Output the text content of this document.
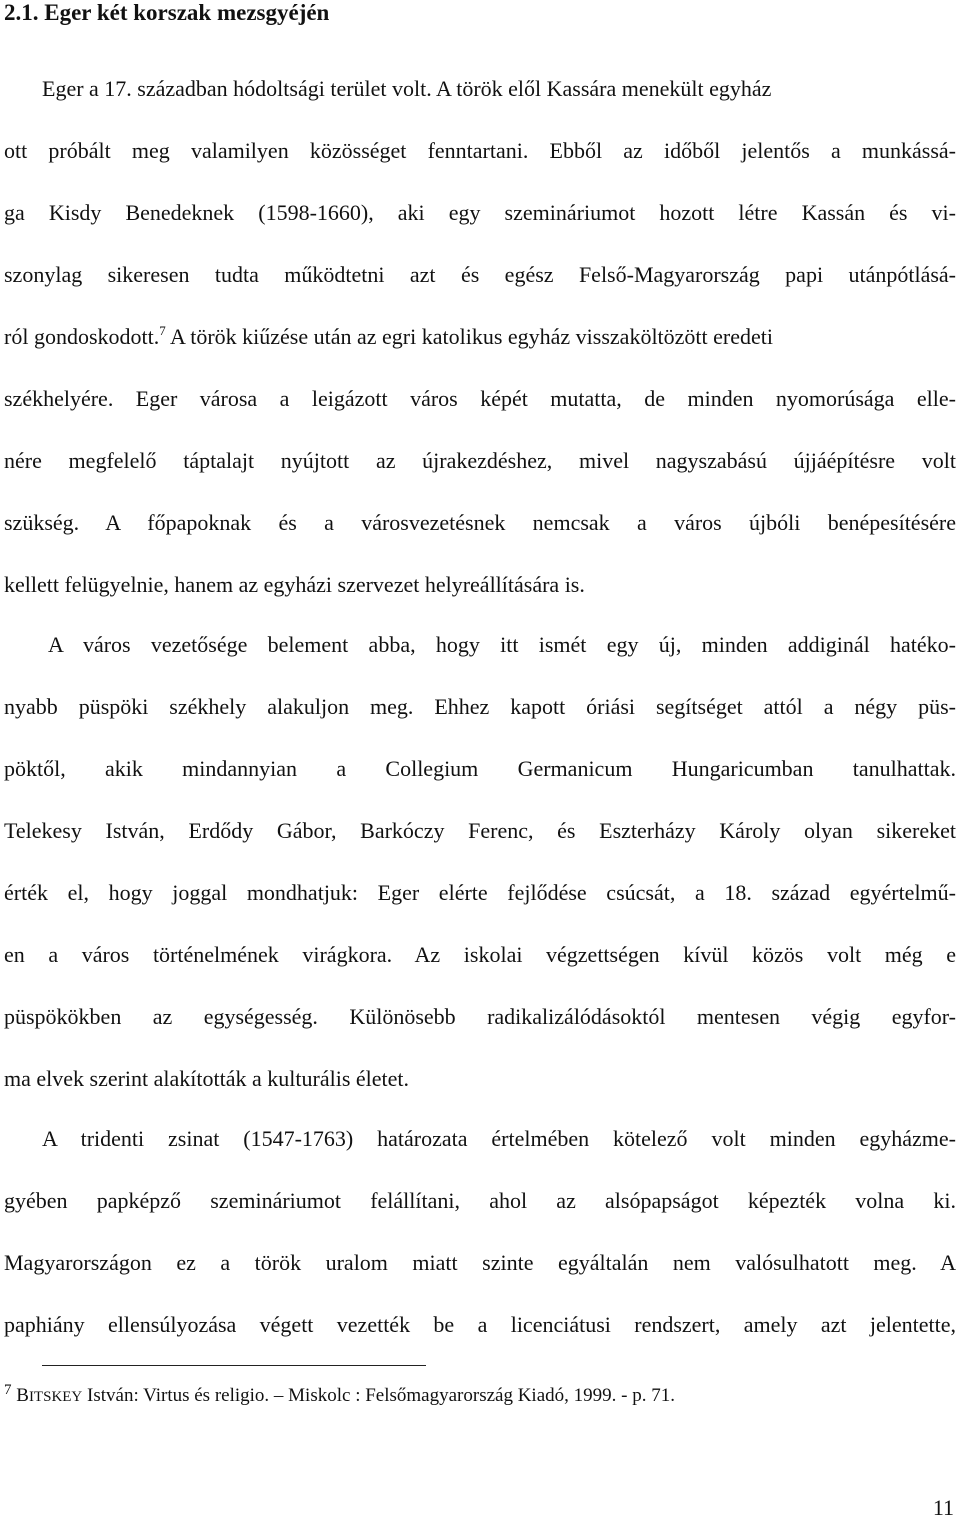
2.1. Eger két korszak mezsgyéjén
Eger a 17. században hódoltsági terület volt. A török elől Kassára menekült egyház
ott próbált meg valamilyen közösséget fenntartani. Ebből az időből jelentős a munkássá-
ga Kisdy Benedeknek (1598-1660), aki egy szemináriumot hozott létre Kassán és vi-
szonylag sikeresen tudta működtetni azt és egész Felső-Magyarország papi utánpótlásá-
ról gondoskodott.$^7$ A török kiűzése után az egri katolikus egyház visszaköltözött eredeti
székhelyére. Eger városa a leigázott város képét mutatta, de minden nyomorúsága elle-
nére megfelelő táptalajt nyújtott az újrakezdéshez, mivel nagyszabású újjáépítésre volt
szükség. A főpapoknak és a városvezetésnek nemcsak a város újbóli benépesítésére
kellett felügyelnie, hanem az egyházi szervezet helyreállítására is.
A város vezetősége belement abba, hogy itt ismét egy új, minden addiginál hatéko-
nyabb püspöki székhely alakuljon meg. Ehhez kapott óriási segítséget attól a négy püs-
pöktől, akik mindannyian a Collegium Germanicum Hungaricumban tanulhattak.
Telekesy István, Erdődy Gábor, Barkóczy Ferenc, és Eszterházy Károly olyan sikereket
érték el, hogy joggal mondhatjuk: Eger elérte fejlődése csúcsát, a 18. század egyértelmű-
en a város történelmének virágkora. Az iskolai végzettségen kívül közös volt még e
püspökökben az egységesség. Különösebb radikalizálódásoktól mentesen végig egyfor-
ma elvek szerint alakították a kulturális életet.
A tridenti zsinat (1547-1763) határozata értelmében kötelező volt minden egyházme-
gyében papképző szemináriumot felállítani, ahol az alsópapságot képezték volna ki.
Magyarországon ez a török uralom miatt szinte egyáltalán nem valósulhatott meg. A
paphiány ellensúlyozása végett vezették be a licenciátusi rendszert, amely azt jelentette,
$^7$ BITSKEY István: Virtus és religio. – Miskolc : Felsőmagyarország Kiadó, 1999. - p. 71.
11
